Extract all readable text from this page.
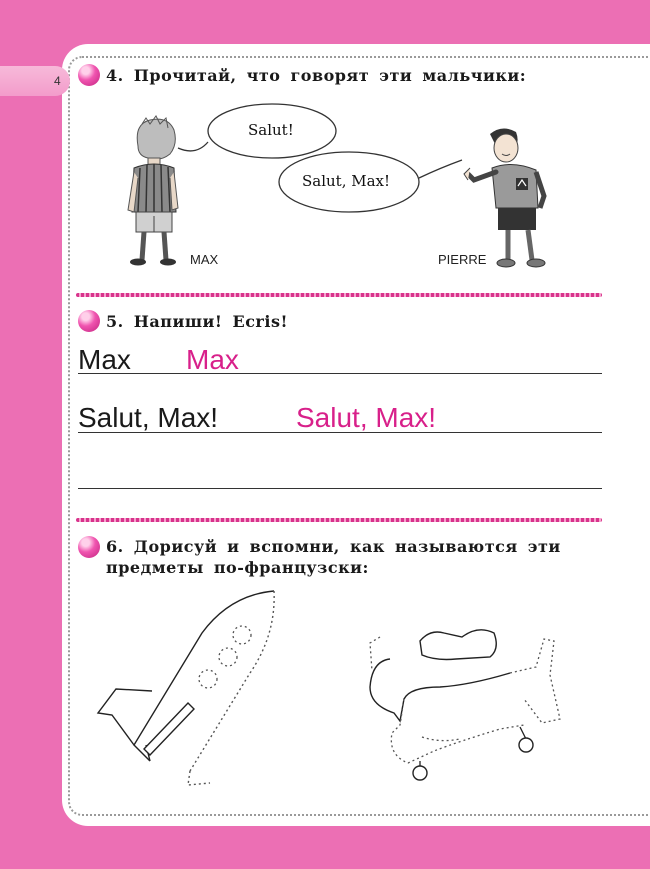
4	4. Прочитай, что говорят эти мальчики:
Salut!
Salut, Max!
MAX	PIERRE
5. Напиши! Ecris!
Max Max
Salut, Max!	Salut, Max!
6. Дорисуй и вспомни, как называются эти
предметы по-французски:
